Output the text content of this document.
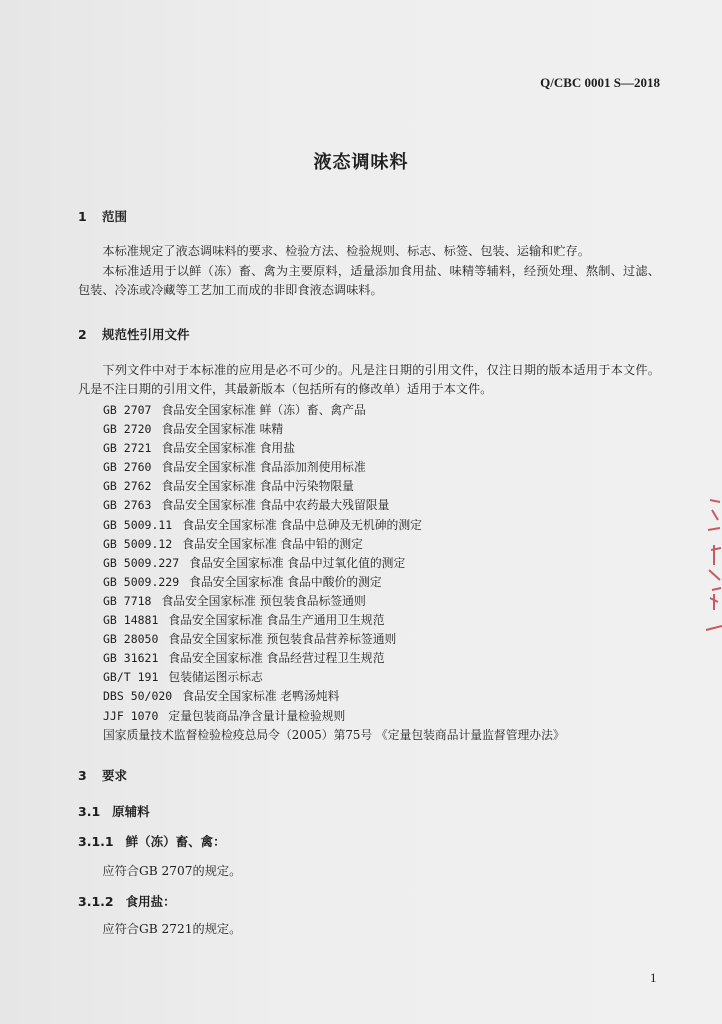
Q/CBC 0001 S—2018
液态调味料
1 范围
本标准规定了液态调味料的要求、检验方法、检验规则、标志、标签、包装、运输和贮存。
本标准适用于以鲜（冻）畜、禽为主要原料，适量添加食用盐、味精等辅料，经预处理、熬制、过滤、包装、冷冻或冷藏等工艺加工而成的非即食液态调味料。
2 规范性引用文件
下列文件中对于本标准的应用是必不可少的。凡是注日期的引用文件，仅注日期的版本适用于本文件。凡是不注日期的引用文件，其最新版本（包括所有的修改单）适用于本文件。
GB 2707 食品安全国家标准 鲜（冻）畜、禽产品
GB 2720 食品安全国家标准 味精
GB 2721 食品安全国家标准 食用盐
GB 2760 食品安全国家标准 食品添加剂使用标准
GB 2762 食品安全国家标准 食品中污染物限量
GB 2763 食品安全国家标准 食品中农药最大残留限量
GB 5009.11 食品安全国家标准 食品中总砷及无机砷的测定
GB 5009.12 食品安全国家标准 食品中铅的测定
GB 5009.227 食品安全国家标准 食品中过氧化值的测定
GB 5009.229 食品安全国家标准 食品中酸价的测定
GB 7718 食品安全国家标准 预包装食品标签通则
GB 14881 食品安全国家标准 食品生产通用卫生规范
GB 28050 食品安全国家标准 预包装食品营养标签通则
GB 31621 食品安全国家标准 食品经营过程卫生规范
GB/T 191 包装储运图示标志
DBS 50/020 食品安全国家标准 老鸭汤炖料
JJF 1070 定量包装商品净含量计量检验规则
国家质量技术监督检验检疫总局令（2005）第75号 《定量包装商品计量监督管理办法》
3 要求
3.1 原辅料
3.1.1 鲜（冻）畜、禽：
应符合GB 2707的规定。
3.1.2 食用盐：
应符合GB 2721的规定。
1
